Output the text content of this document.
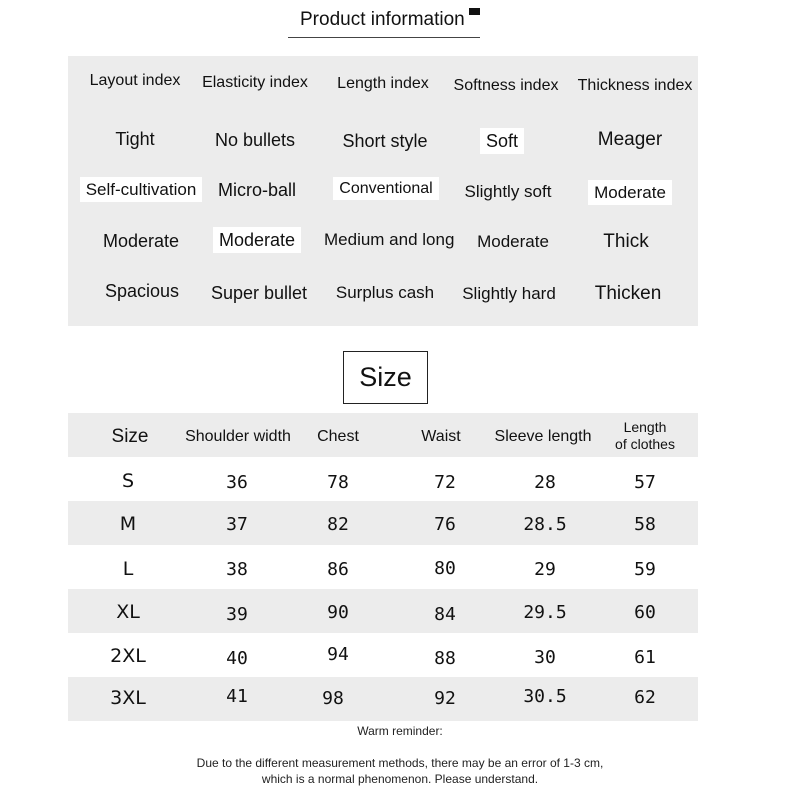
Product information
Layout index	Elasticity index	Length index	Softness index	Thickness index
Tight	No bullets	Short style	Soft	Meager
Self-cultivation	Micro-ball	Conventional	Slightly soft	Moderate
Moderate	Moderate	Medium and long	Moderate	Thick
Spacious	Super bullet	Surplus cash	Slightly hard	Thicken
Size
Size	Shoulder width	Chest	Waist	Sleeve length
Length
of clothes
S	36	78	72	28	57
M	37	82	76	28.5	58
L	38	86	80	29	59
XL	39	90	84	29.5	60
2XL	40	94	88	30	61
3XL	41	98	92	30.5	62
Warm reminder:
Due to the different measurement methods, there may be an error of 1-3 cm,
which is a normal phenomenon. Please understand.
